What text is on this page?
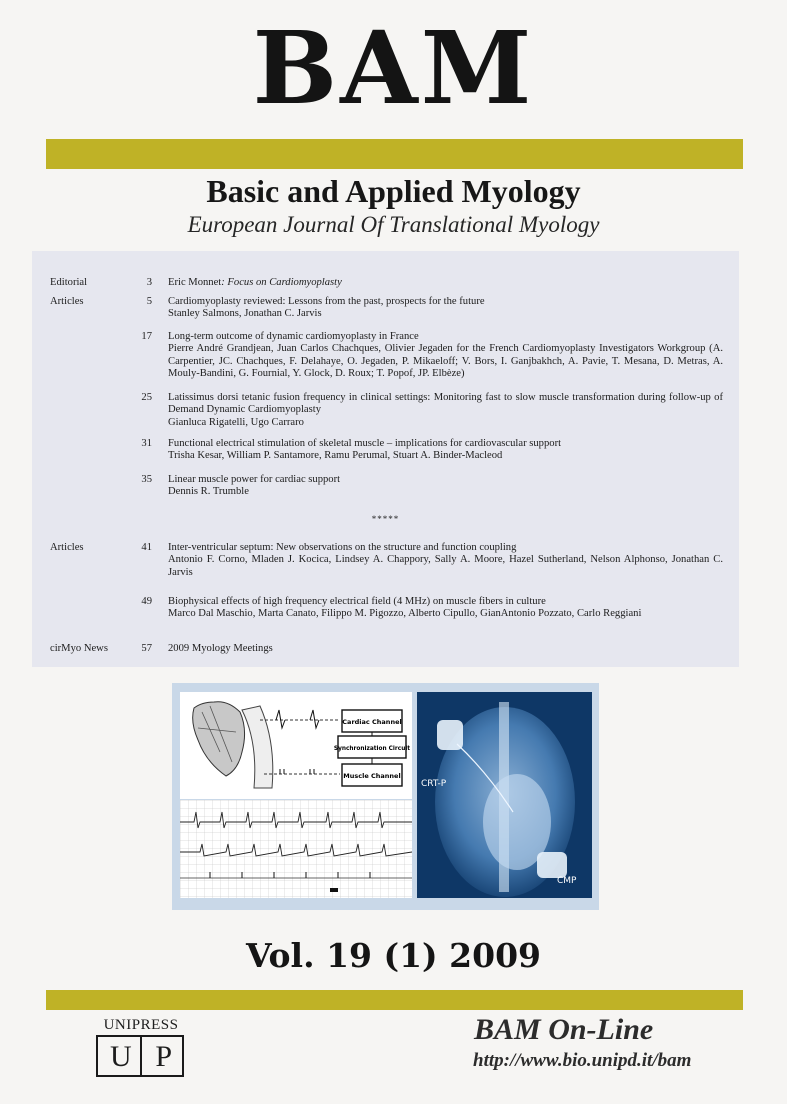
BAM
Basic and Applied Myology
European Journal Of Translational Myology
Editorial	3 Eric Monnet: Focus on Cardiomyoplasty
Articles	5 Cardiomyoplasty reviewed: Lessons from the past, prospects for the future
Stanley Salmons, Jonathan C. Jarvis
17 Long-term outcome of dynamic cardiomyoplasty in France
Pierre André Grandjean, Juan Carlos Chachques, Olivier Jegaden for the French Cardiomyoplasty Investigators Workgroup (A. Carpentier, JC. Chachques, F. Delahaye, O. Jegaden, P. Mikaeloff; V. Bors, I. Ganjbakhch, A. Pavie, T. Mesana, D. Metras, A. Mouly-Bandini, G. Fournial, Y. Glock, D. Roux; T. Popof, JP. Elbèze)
25 Latissimus dorsi tetanic fusion frequency in clinical settings: Monitoring fast to slow muscle transformation during follow-up of Demand Dynamic Cardiomyoplasty
Gianluca Rigatelli, Ugo Carraro
31 Functional electrical stimulation of skeletal muscle – implications for cardiovascular support
Trisha Kesar, William P. Santamore, Ramu Perumal, Stuart A. Binder-Macleod
35 Linear muscle power for cardiac support
Dennis R. Trumble
*****
Articles	41 Inter-ventricular septum: New observations on the structure and function coupling
Antonio F. Corno, Mladen J. Kocica, Lindsey A. Chappory, Sally A. Moore, Hazel Sutherland, Nelson Alphonso, Jonathan C. Jarvis
49 Biophysical effects of high frequency electrical field (4 MHz) on muscle fibers in culture
Marco Dal Maschio, Marta Canato, Filippo M. Pigozzo, Alberto Cipullo, GianAntonio Pozzato, Carlo Reggiani
cirMyo News	57 2009 Myology Meetings
Cardiac Channel
Synchronization Circuit
Muscle Channel
CRT-P
CMP
Vol. 19 (1) 2009
UNIPRESS
U P
BAM On-Line
http://www.bio.unipd.it/bam
